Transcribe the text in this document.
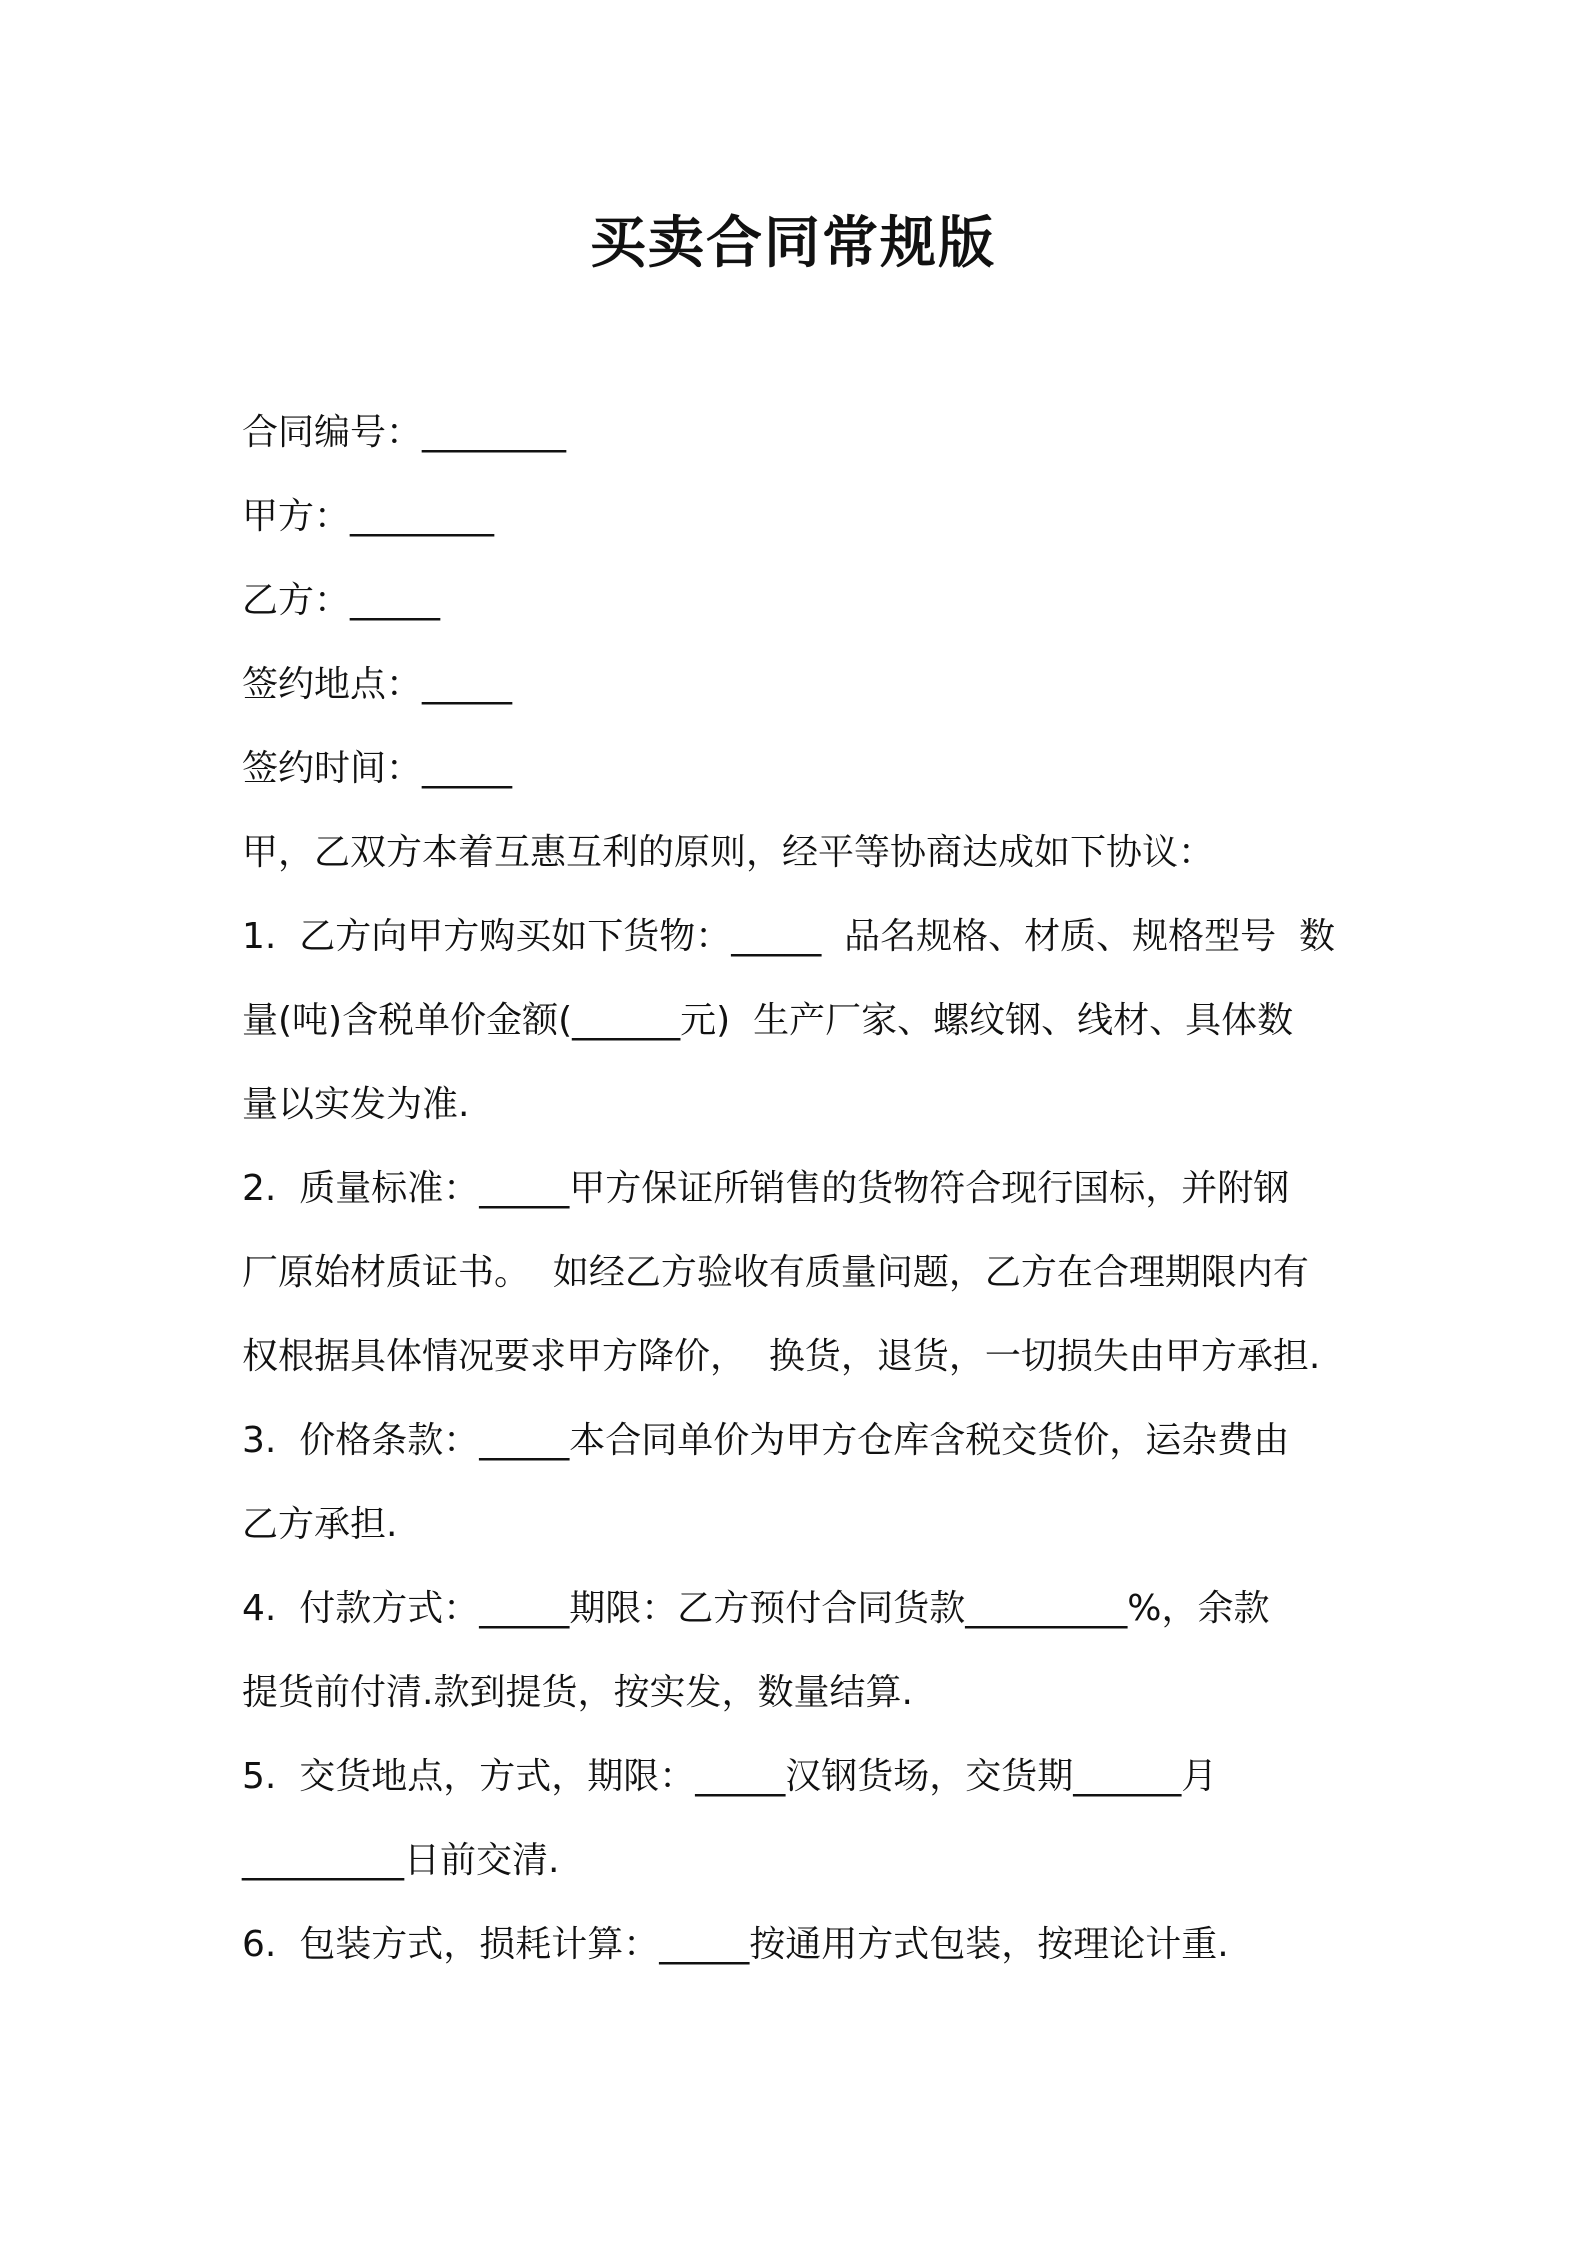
买卖合同常规版

合同编号：________

甲方：________

乙方：_____

签约地点：_____

签约时间：_____

甲，乙双方本着互惠互利的原则，经平等协商达成如下协议：

1.  乙方向甲方购买如下货物：_____  品名规格、材质、规格型号  数

量(吨)含税单价金额(______元)  生产厂家、螺纹钢、线材、具体数

量以实发为准.

2.  质量标准：_____甲方保证所销售的货物符合现行国标，并附钢

厂原始材质证书。  如经乙方验收有质量问题，乙方在合理期限内有

权根据具体情况要求甲方降价，  换货，退货，一切损失由甲方承担.

3.  价格条款：_____本合同单价为甲方仓库含税交货价，运杂费由

乙方承担.

4.  付款方式：_____期限：乙方预付合同货款_________%，余款

提货前付清.款到提货，按实发，数量结算.

5.  交货地点，方式，期限：_____汉钢货场，交货期______月

_________日前交清.

6.  包装方式，损耗计算：_____按通用方式包装，按理论计重.
